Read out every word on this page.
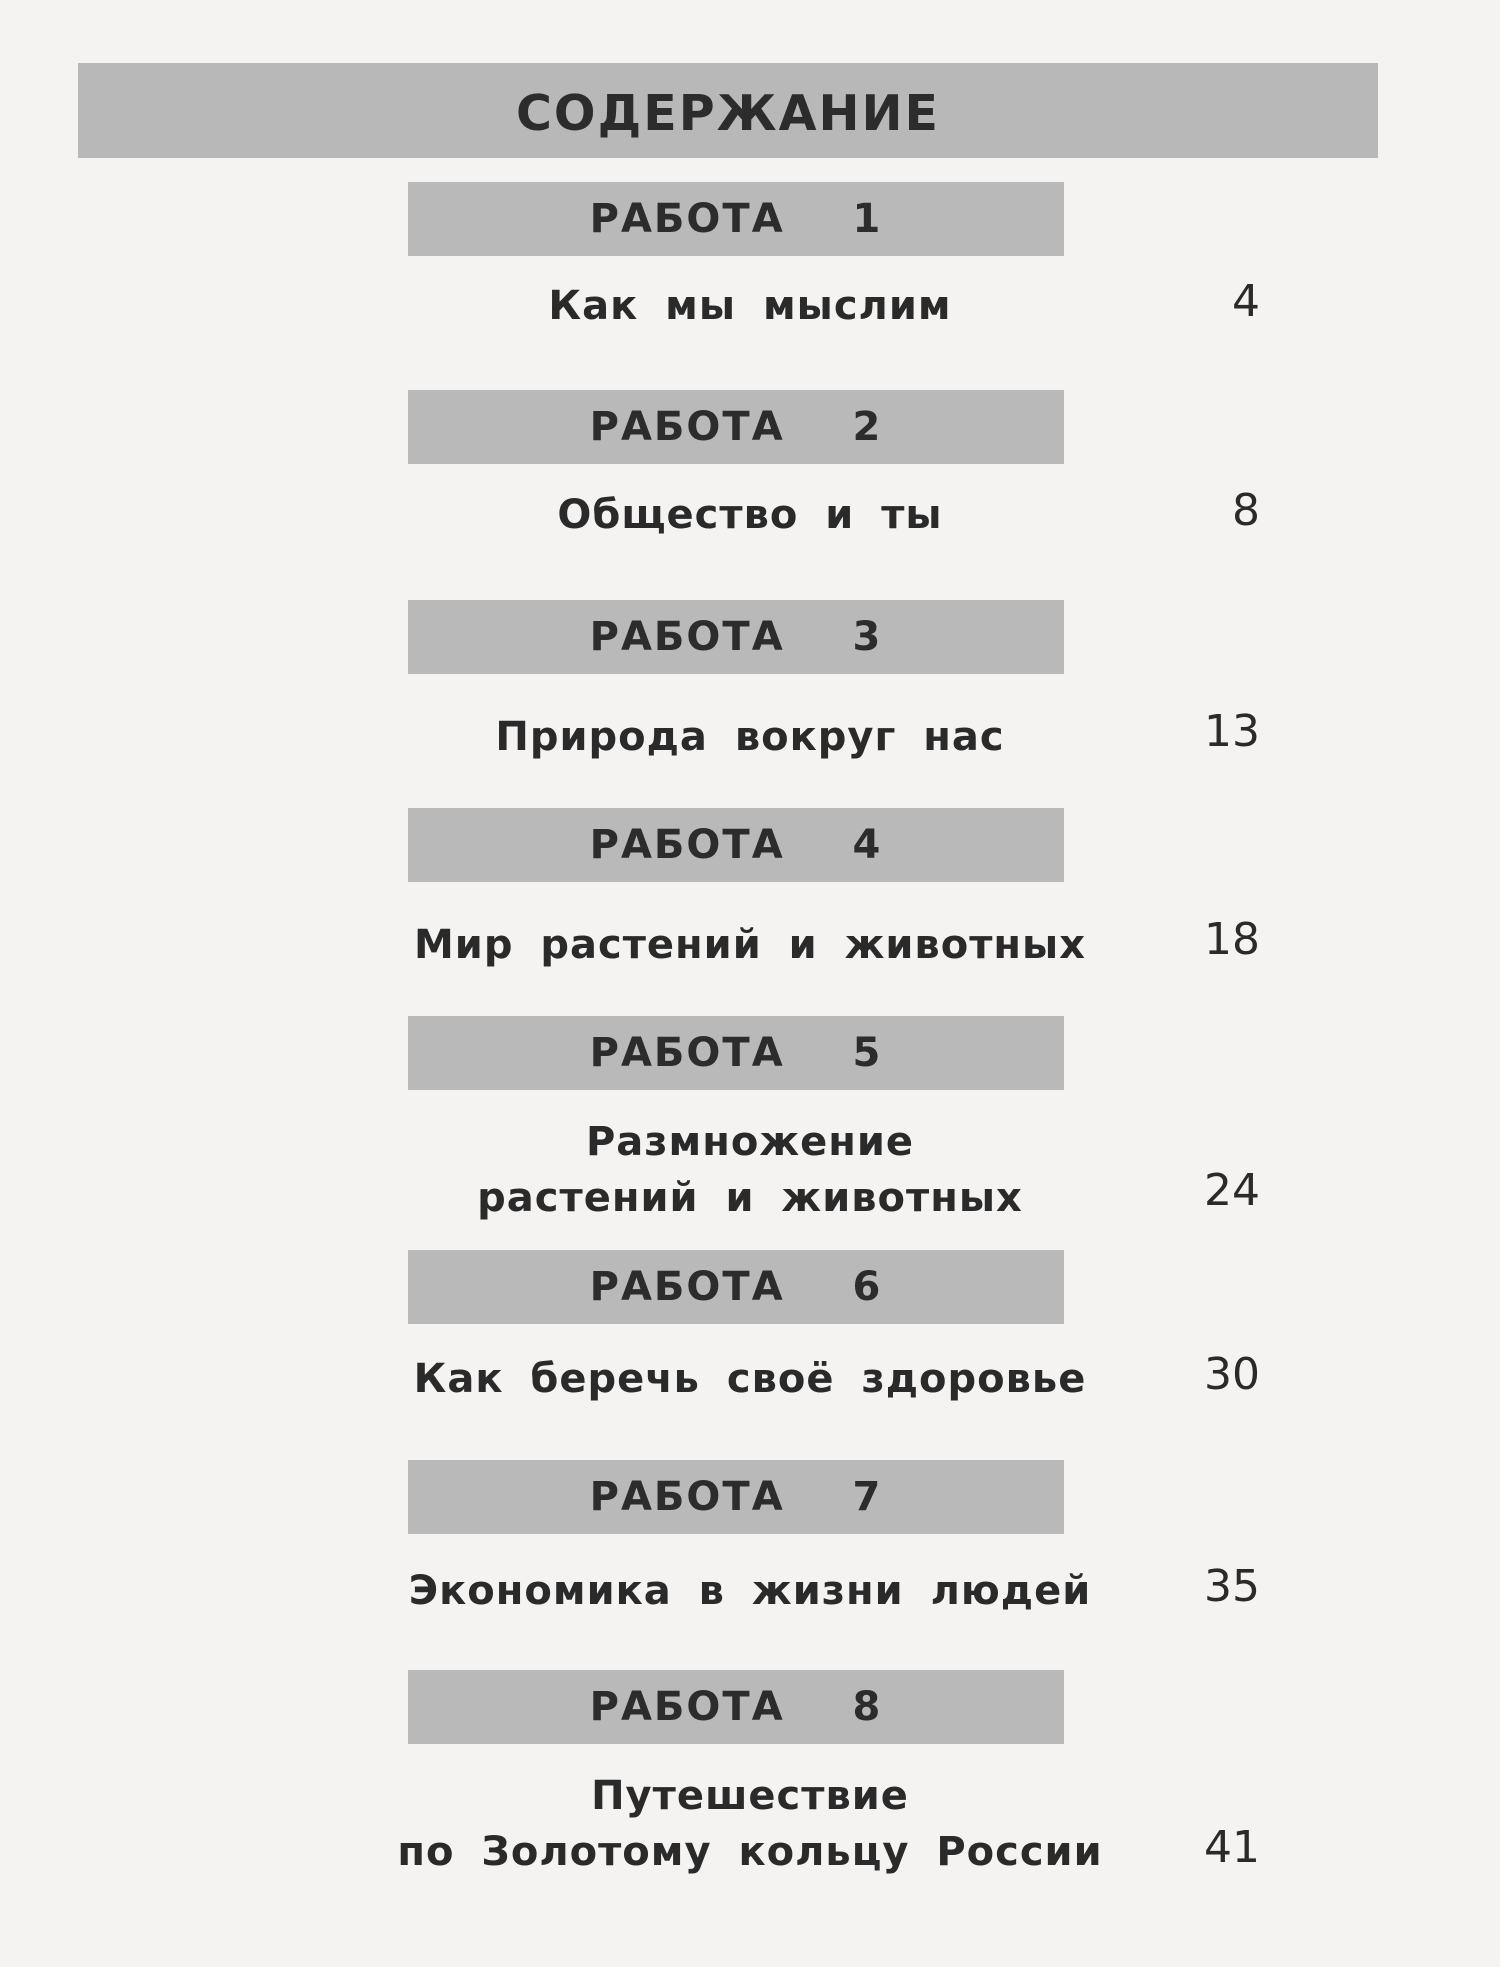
СОДЕРЖАНИЕ
РАБОТА  1
Как мы мыслим	4
РАБОТА  2
Общество и ты	8
РАБОТА  3
Природа вокруг нас	13
РАБОТА  4
Мир растений и животных	18
РАБОТА  5
Размножение
растений и животных	24
РАБОТА  6
Как беречь своё здоровье	30
РАБОТА  7
Экономика в жизни людей	35
РАБОТА  8
Путешествие
по Золотому кольцу России	41
